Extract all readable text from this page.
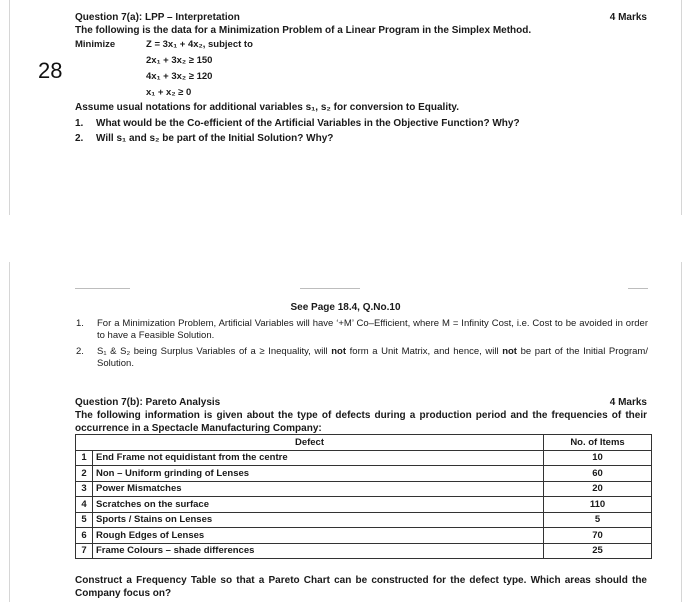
28
Question 7(a): LPP – Interpretation	4 Marks
The following is the data for a Minimization Problem of a Linear Program in the Simplex Method.
Minimize	Z = 3x₁ + 4x₂, subject to
2x₁ + 3x₂ ≥ 150
4x₁ + 3x₂ ≥ 120
x₁ + x₂ ≥ 0
Assume usual notations for additional variables s₁, s₂ for conversion to Equality.
1. What would be the Co-efficient of the Artificial Variables in the Objective Function? Why?
2. Will s₁ and s₂ be part of the Initial Solution? Why?
See Page 18.4, Q.No.10
1. For a Minimization Problem, Artificial Variables will have ‘+M’ Co–Efficient, where M = Infinity Cost, i.e. Cost to be avoided in order to have a Feasible Solution.
2. S₁ & S₂ being Surplus Variables of a ≥ Inequality, will not form a Unit Matrix, and hence, will not be part of the Initial Program/ Solution.
Question 7(b): Pareto Analysis	4 Marks
The following information is given about the type of defects during a production period and the frequencies of their occurrence in a Spectacle Manufacturing Company:
Defect		No. of Items
1	End Frame not equidistant from the centre	10
2	Non – Uniform grinding of Lenses	60
3	Power Mismatches	20
4	Scratches on the surface	110
5	Sports / Stains on Lenses	5
6	Rough Edges of Lenses	70
7	Frame Colours – shade differences	25
Construct a Frequency Table so that a Pareto Chart can be constructed for the defect type. Which areas should the Company focus on?
